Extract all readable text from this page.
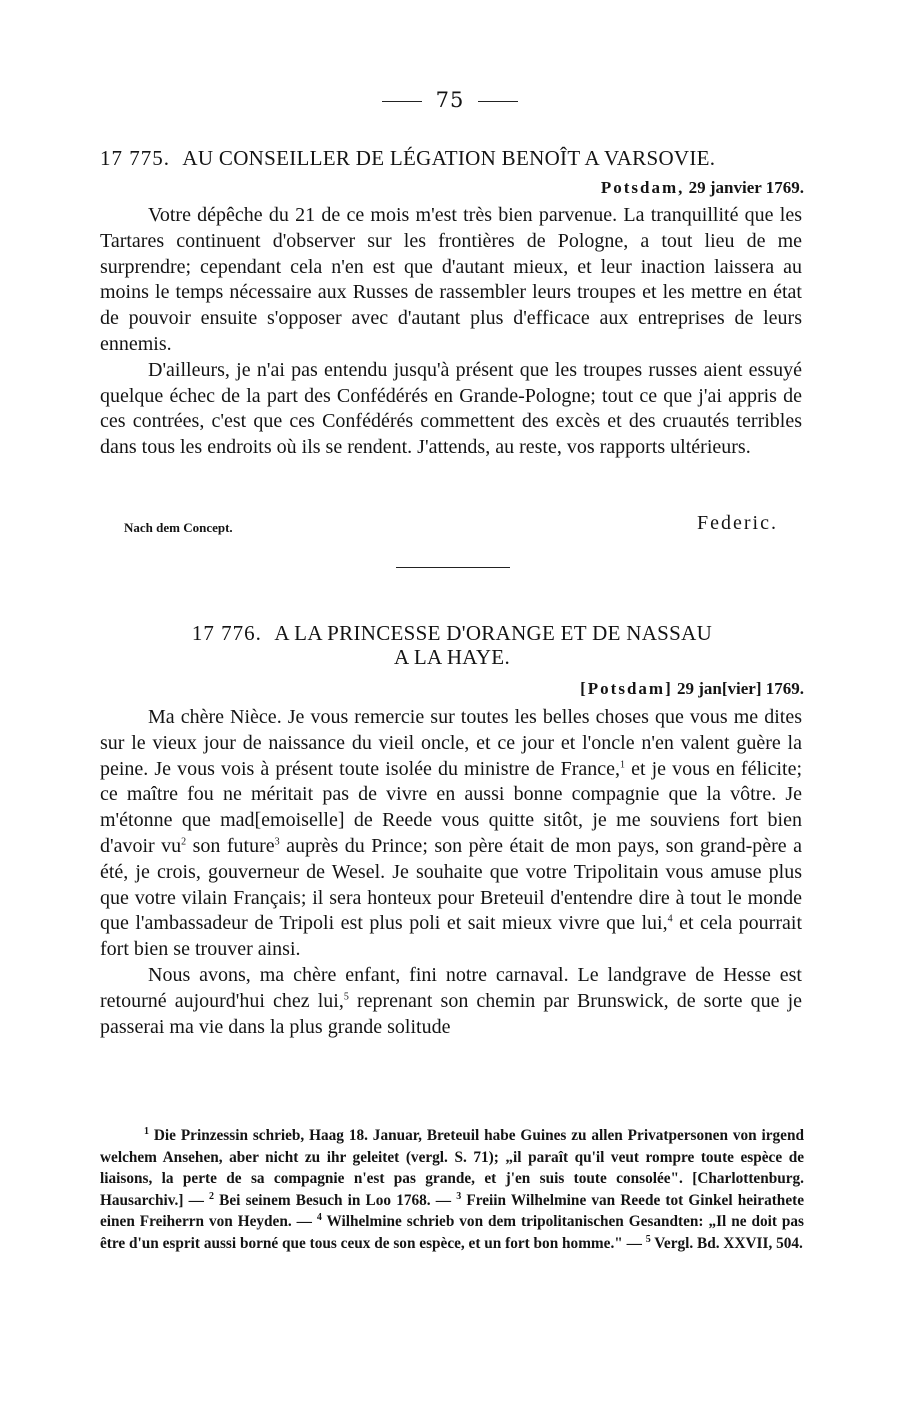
75
17 775. AU CONSEILLER DE LÉGATION BENOÎT A VARSOVIE.
Potsdam, 29 janvier 1769.

Votre dépêche du 21 de ce mois m'est très bien parvenue. La tranquillité que les Tartares continuent d'observer sur les frontières de Pologne, a tout lieu de me surprendre; cependant cela n'en est que d'autant mieux, et leur inaction laissera au moins le temps nécessaire aux Russes de rassembler leurs troupes et les mettre en état de pouvoir ensuite s'opposer avec d'autant plus d'efficace aux entreprises de leurs ennemis.

D'ailleurs, je n'ai pas entendu jusqu'à présent que les troupes russes aient essuyé quelque échec de la part des Confédérés en Grande-Pologne; tout ce que j'ai appris de ces contrées, c'est que ces Confédérés commettent des excès et des cruautés terribles dans tous les endroits où ils se rendent. J'attends, au reste, vos rapports ultérieurs.

Nach dem Concept.	Federic.
17 776. A LA PRINCESSE D'ORANGE ET DE NASSAU
A LA HAYE.
[Potsdam] 29 jan[vier] 1769.

Ma chère Nièce. Je vous remercie sur toutes les belles choses que vous me dites sur le vieux jour de naissance du vieil oncle, et ce jour et l'oncle n'en valent guère la peine. Je vous vois à présent toute isolée du ministre de France,$^1$ et je vous en félicite; ce maître fou ne méritait pas de vivre en aussi bonne compagnie que la vôtre. Je m'étonne que mad[emoiselle] de Reede vous quitte sitôt, je me souviens fort bien d'avoir $vu^2$ son future$^3$ auprès du Prince; son père était de mon pays, son grand-père a été, je crois, gouverneur de Wesel. Je souhaite que votre Tripolitain vous amuse plus que votre vilain Français; il sera honteux pour Breteuil d'entendre dire à tout le monde que l'ambassadeur de Tripoli est plus poli et sait mieux vivre que lui,$^4$ et cela pourrait fort bien se trouver ainsi.

Nous avons, ma chère enfant, fini notre carnaval. Le landgrave de Hesse est retourné aujourd'hui chez lui,$^5$ reprenant son chemin par Brunswick, de sorte que je passerai ma vie dans la plus grande solitude

$^1$ Die Prinzessin schrieb, Haag 18. Januar, Breteuil habe Guines zu allen Privatpersonen von irgend welchem Ansehen, aber nicht zu ihr geleitet (vergl. S. 71); „il paraît qu'il veut rompre toute espèce de liaisons, la perte de sa compagnie n'est pas grande, et j'en suis toute consolée". [Charlottenburg. Hausarchiv.] — $^2$ Bei seinem Besuch in Loo 1768. — $^3$ Freiin Wilhelmine van Reede tot Ginkel heirathete einen Freiherrn von Heyden. — $^4$ Wilhelmine schrieb von dem tripolitanischen Gesandten: „Il ne doit pas être d'un esprit aussi borné que tous ceux de son espèce, et un fort bon homme." — $^5$ Vergl. Bd. XXVII, 504.
